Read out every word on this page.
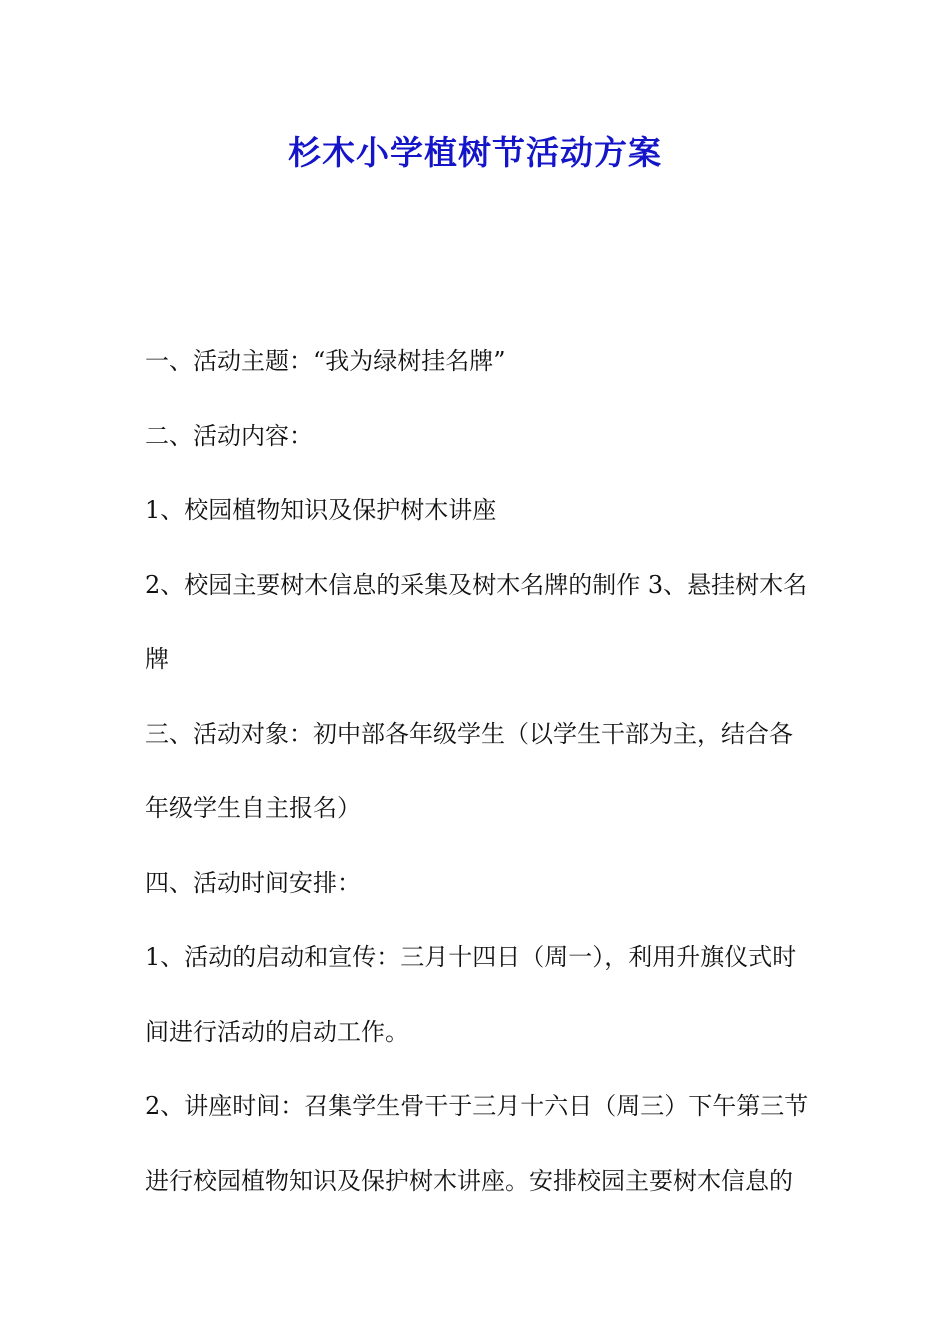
杉木小学植树节活动方案

一、活动主题：“我为绿树挂名牌”

二、活动内容：

1、校园植物知识及保护树木讲座

2、校园主要树木信息的采集及树木名牌的制作 3、悬挂树木名

牌

三、活动对象：初中部各年级学生（以学生干部为主，结合各

年级学生自主报名）

四、活动时间安排：

1、活动的启动和宣传：三月十四日（周一），利用升旗仪式时

间进行活动的启动工作。

2、讲座时间：召集学生骨干于三月十六日（周三）下午第三节

进行校园植物知识及保护树木讲座。安排校园主要树木信息的
